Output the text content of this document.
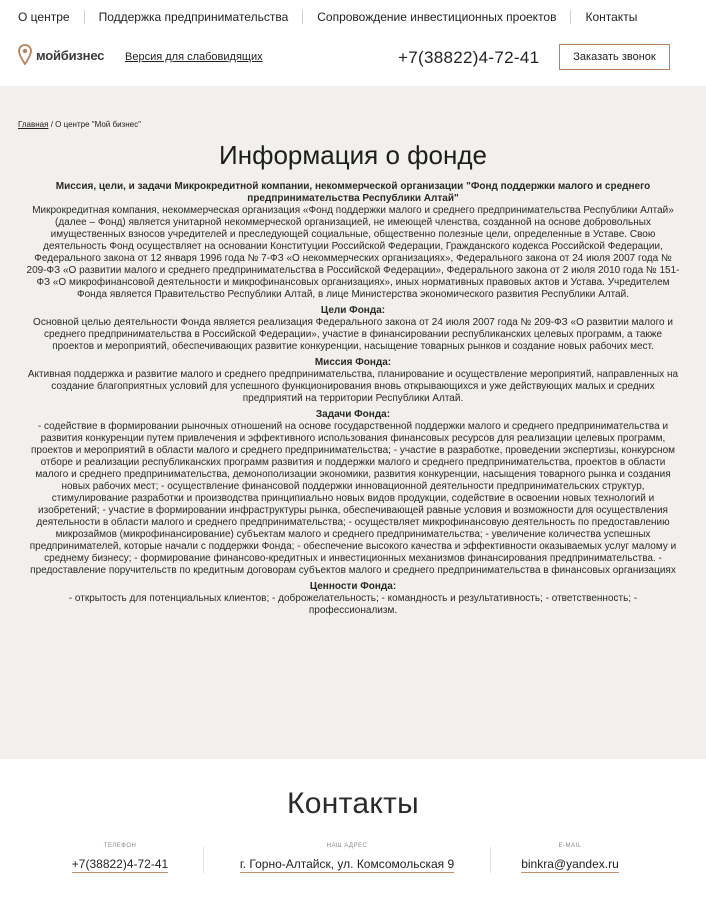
О центре	Поддержка предпринимательства	Сопровождение инвестиционных проектов	Контакты
мойбизнес Версия для слабовидящих	+7(38822)4-72-41	Заказать звонок
Главная / О центре "Мой бизнес"
Информация о фонде

Миссия, цели, и задачи Микрокредитной компании, некоммерческой организации "Фонд поддержки малого и среднего предпринимательства Республики Алтай"

Микрокредитная компания, некоммерческая организация «Фонд поддержки малого и среднего предпринимательства Республики Алтай» (далее – Фонд) является унитарной некоммерческой организацией, не имеющей членства, созданной на основе добровольных имущественных взносов учредителей и преследующей социальные, общественно полезные цели, определенные в Уставе. Свою деятельность Фонд осуществляет на основании Конституции Российской Федерации, Гражданского кодекса Российской Федерации, Федерального закона от 12 января 1996 года № 7-ФЗ «О некоммерческих организациях», Федерального закона от 24 июля 2007 года № 209-ФЗ «О развитии малого и среднего предпринимательства в Российской Федерации», Федерального закона от 2 июля 2010 года № 151-ФЗ «О микрофинансовой деятельности и микрофинансовых организациях», иных нормативных правовых актов и Устава. Учредителем Фонда является Правительство Республики Алтай, в лице Министерства экономического развития Республики Алтай.

Цели Фонда:

Основной целью деятельности Фонда является реализация Федерального закона от 24 июля 2007 года № 209-ФЗ «О развитии малого и среднего предпринимательства в Российской Федерации», участие в финансировании республиканских целевых программ, а также проектов и мероприятий, обеспечивающих развитие конкуренции, насыщение товарных рынков и создание новых рабочих мест.

Миссия Фонда:

Активная поддержка и развитие малого и среднего предпринимательства, планирование и осуществление мероприятий, направленных на создание благоприятных условий для успешного функционирования вновь открывающихся и уже действующих малых и средних предприятий на территории Республики Алтай.

Задачи Фонда:

- содействие в формировании рыночных отношений на основе государственной поддержки малого и среднего предпринимательства и развития конкуренции путем привлечения и эффективного использования финансовых ресурсов для реализации целевых программ, проектов и мероприятий в области малого и среднего предпринимательства; - участие в разработке, проведении экспертизы, конкурсном отборе и реализации республиканских программ развития и поддержки малого и среднего предпринимательства, проектов в области малого и среднего предпринимательства, демонополизации экономики, развития конкуренции, насыщения товарного рынка и создания новых рабочих мест; - осуществление финансовой поддержки инновационной деятельности предпринимательских структур, стимулирование разработки и производства принципиально новых видов продукции, содействие в освоении новых технологий и изобретений; - участие в формировании инфраструктуры рынка, обеспечивающей равные условия и возможности для осуществления деятельности в области малого и среднего предпринимательства; - осуществляет микрофинансовую деятельность по предоставлению микрозаймов (микрофинансирование) субъектам малого и среднего предпринимательства; - увеличение количества успешных предпринимателей, которые начали с поддержки Фонда; - обеспечение высокого качества и эффективности оказываемых услуг малому и среднему бизнесу; - формирование финансово-кредитных и инвестиционных механизмов финансирования предпринимательства. - предоставление поручительств по кредитным договорам субъектов малого и среднего предпринимательства в финансовых организациях

Ценности Фонда:

- открытость для потенциальных клиентов; - доброжелательность; - командность и результативность; - ответственность; - профессионализм.

Контакты
ТЕЛЕФОН
+7(38822)4-72-41
НАШ АДРЕС
г. Горно-Алтайск, ул. Комсомольская 9
E-MAIL
binkra@yandex.ru
